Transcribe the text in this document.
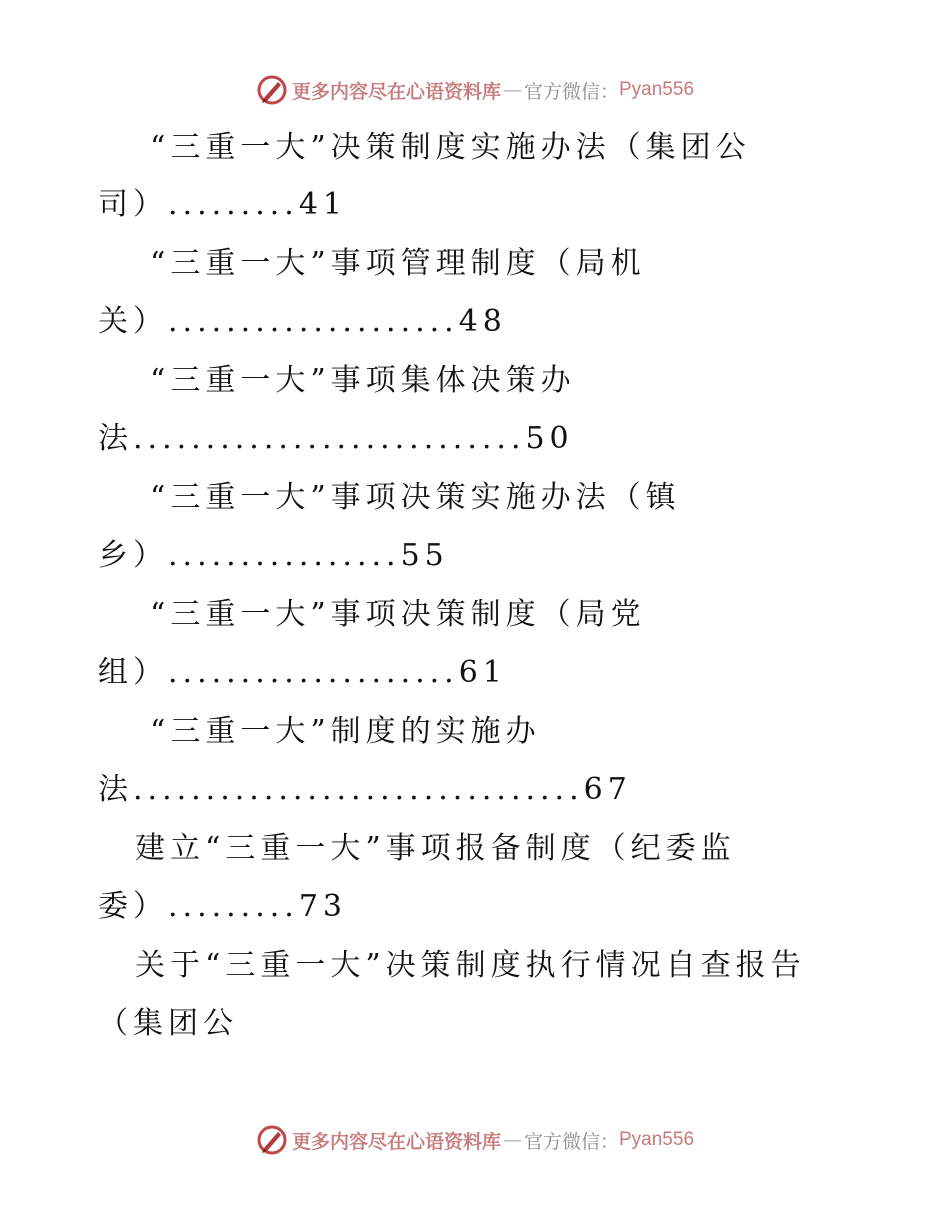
更多内容尽在心语资料库 — 官方微信： Pyan556
“三重一大”决策制度实施办法（集团公
司）.........41
“三重一大”事项管理制度（局机
关）....................48
“三重一大”事项集体决策办
法...........................50
“三重一大”事项决策实施办法（镇
乡）................55
“三重一大”事项决策制度（局党
组）....................61
“三重一大”制度的实施办
法...............................67
建立“三重一大”事项报备制度（纪委监
委）.........73
关于“三重一大”决策制度执行情况自查报告
（集团公
更多内容尽在心语资料库 — 官方微信： Pyan556
